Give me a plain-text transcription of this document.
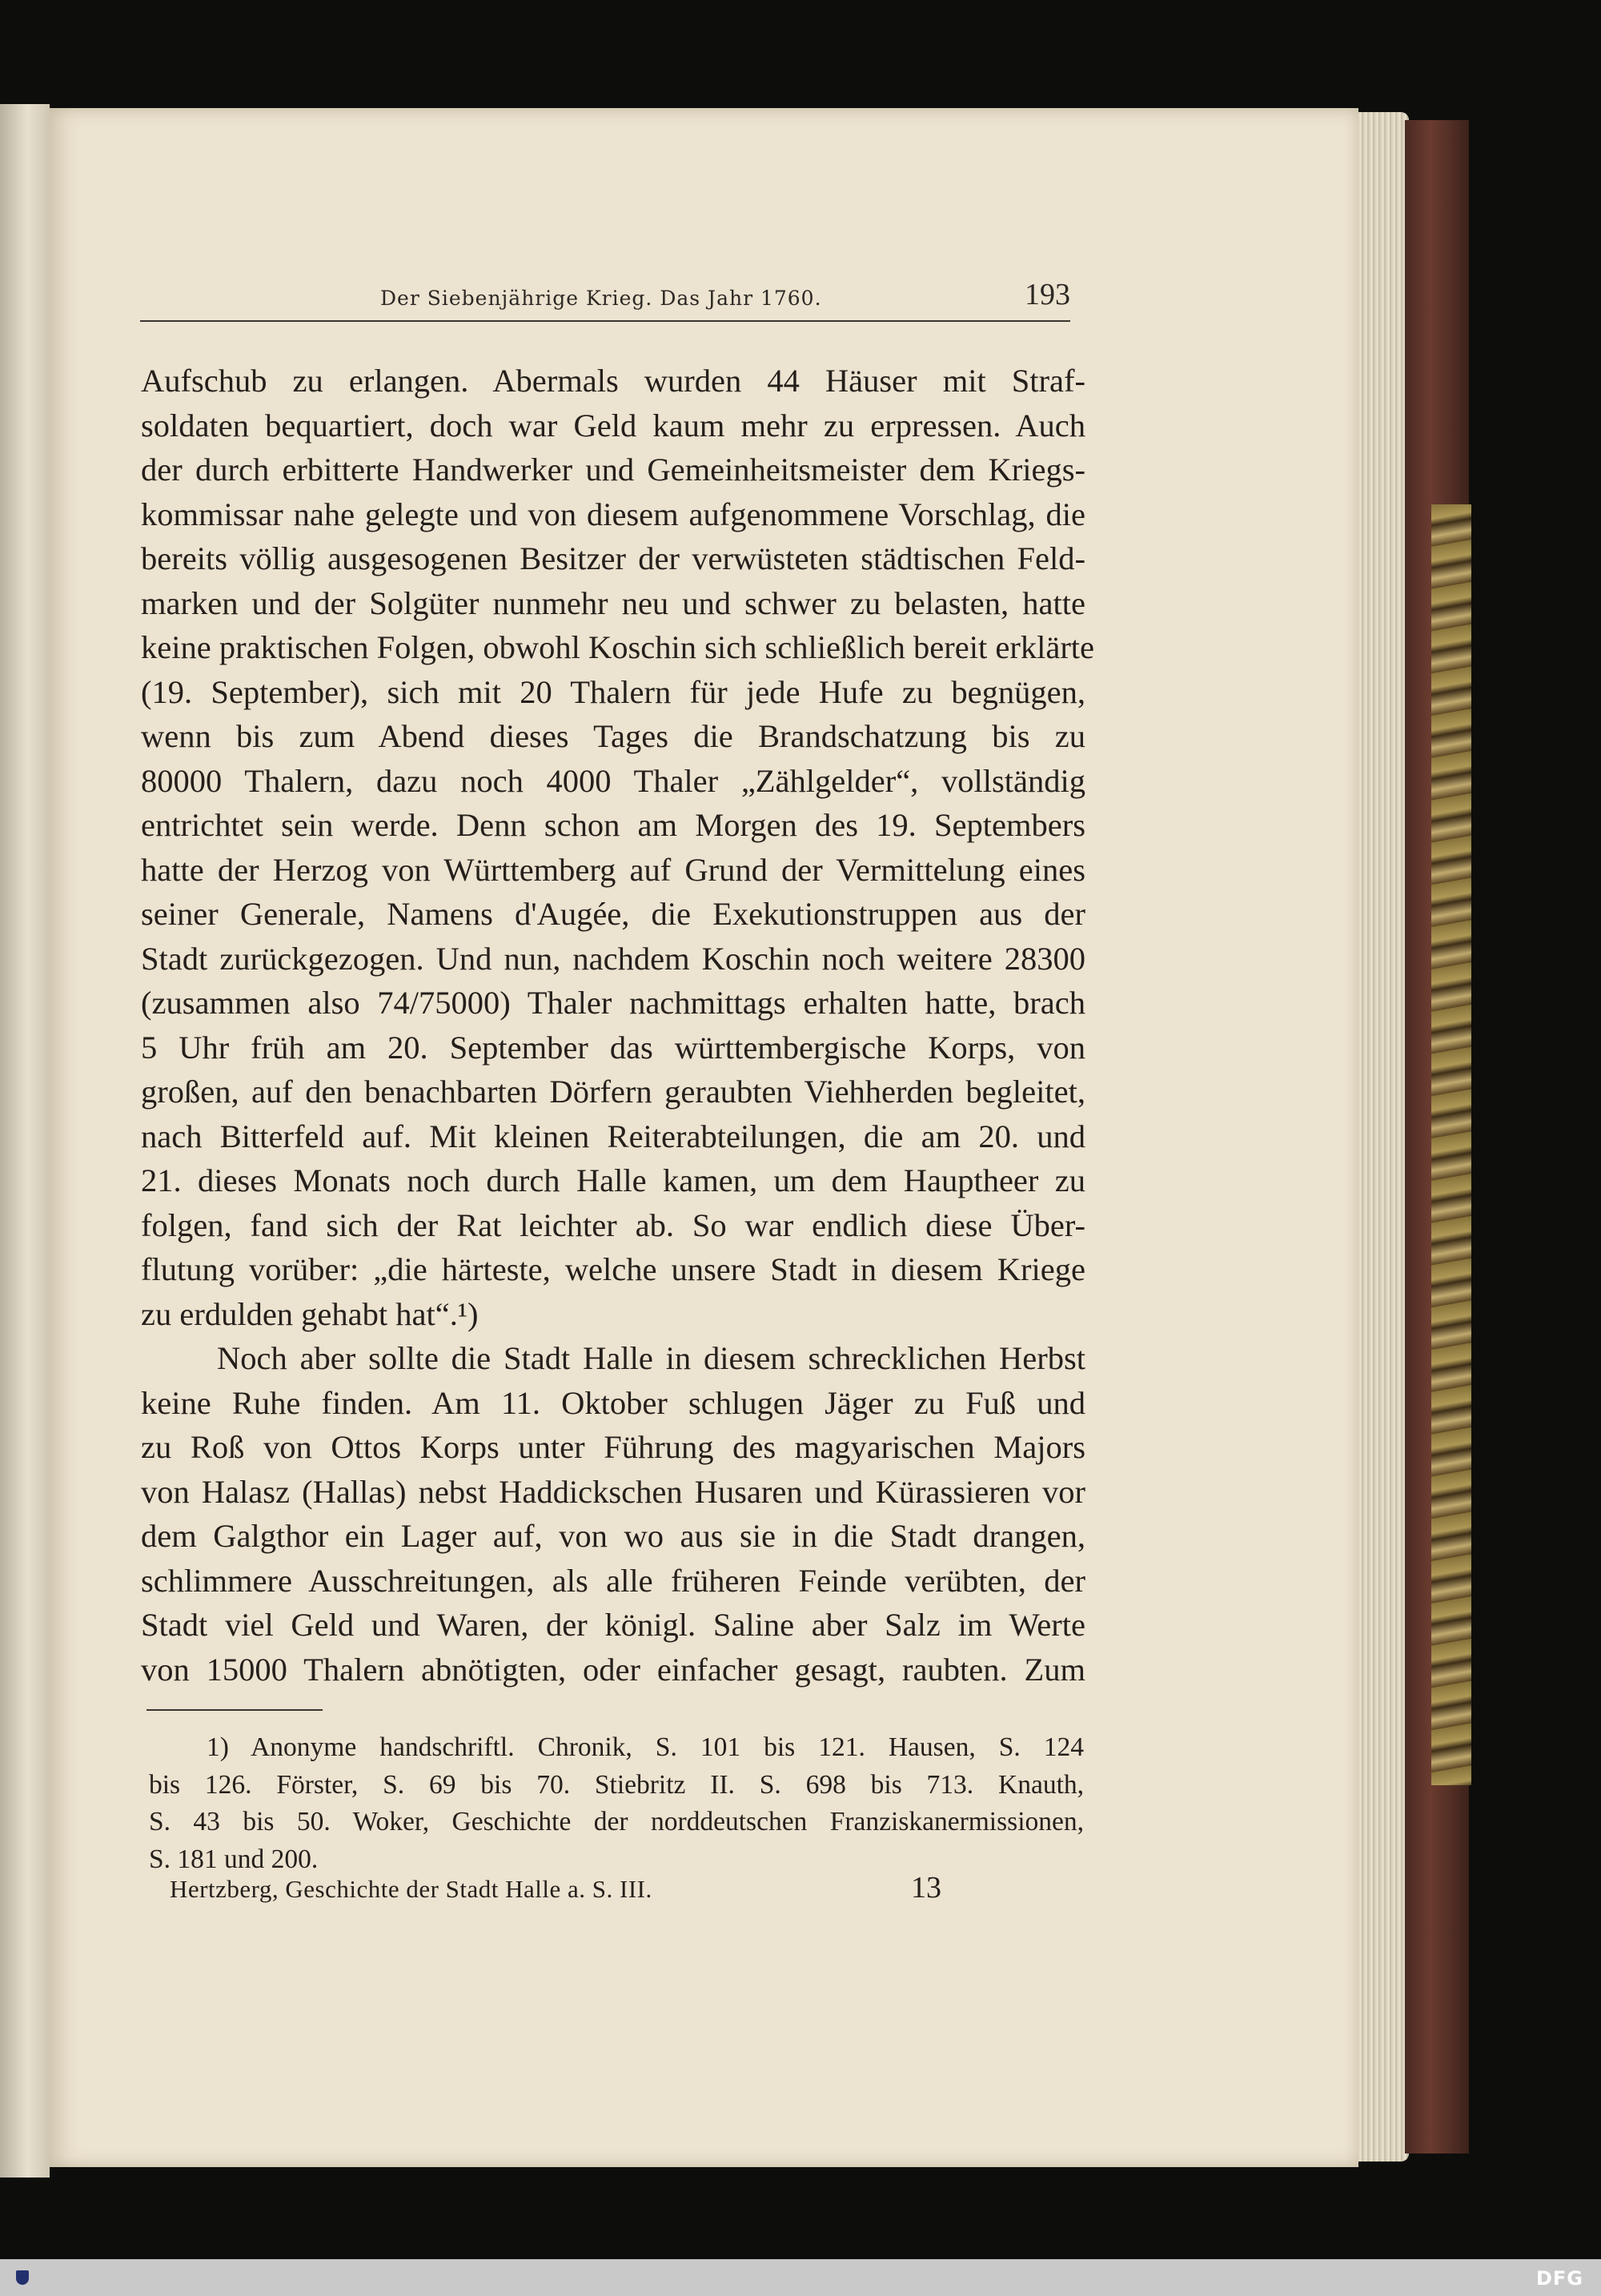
Der Siebenjährige Krieg. Das Jahr 1760.	193
Aufschub zu erlangen. Abermals wurden 44 Häuser mit Straf-
soldaten bequartiert, doch war Geld kaum mehr zu erpressen. Auch
der durch erbitterte Handwerker und Gemeinheitsmeister dem Kriegs-
kommissar nahe gelegte und von diesem aufgenommene Vorschlag, die
bereits völlig ausgesogenen Besitzer der verwüsteten städtischen Feld-
marken und der Solgüter nunmehr neu und schwer zu belasten, hatte
keine praktischen Folgen, obwohl Koschin sich schließlich bereit erklärte
(19. September), sich mit 20 Thalern für jede Hufe zu begnügen,
wenn bis zum Abend dieses Tages die Brandschatzung bis zu
80000 Thalern, dazu noch 4000 Thaler „Zählgelder“, vollständig
entrichtet sein werde. Denn schon am Morgen des 19. Septembers
hatte der Herzog von Württemberg auf Grund der Vermittelung eines
seiner Generale, Namens d'Augée, die Exekutionstruppen aus der
Stadt zurückgezogen. Und nun, nachdem Koschin noch weitere 28300
(zusammen also 74/75000) Thaler nachmittags erhalten hatte, brach
5 Uhr früh am 20. September das württembergische Korps, von
großen, auf den benachbarten Dörfern geraubten Viehherden begleitet,
nach Bitterfeld auf. Mit kleinen Reiterabteilungen, die am 20. und
21. dieses Monats noch durch Halle kamen, um dem Hauptheer zu
folgen, fand sich der Rat leichter ab. So war endlich diese Über-
flutung vorüber: „die härteste, welche unsere Stadt in diesem Kriege
zu erdulden gehabt hat“.¹)
Noch aber sollte die Stadt Halle in diesem schrecklichen Herbst
keine Ruhe finden. Am 11. Oktober schlugen Jäger zu Fuß und
zu Roß von Ottos Korps unter Führung des magyarischen Majors
von Halasz (Hallas) nebst Haddickschen Husaren und Kürassieren vor
dem Galgthor ein Lager auf, von wo aus sie in die Stadt drangen,
schlimmere Ausschreitungen, als alle früheren Feinde verübten, der
Stadt viel Geld und Waren, der königl. Saline aber Salz im Werte
von 15000 Thalern abnötigten, oder einfacher gesagt, raubten. Zum
1) Anonyme handschriftl. Chronik, S. 101 bis 121. Hausen, S. 124
bis 126. Förster, S. 69 bis 70. Stiebritz II. S. 698 bis 713. Knauth,
S. 43 bis 50. Woker, Geschichte der norddeutschen Franziskanermissionen,
S. 181 und 200.
Hertzberg, Geschichte der Stadt Halle a. S. III.	13
DFG
